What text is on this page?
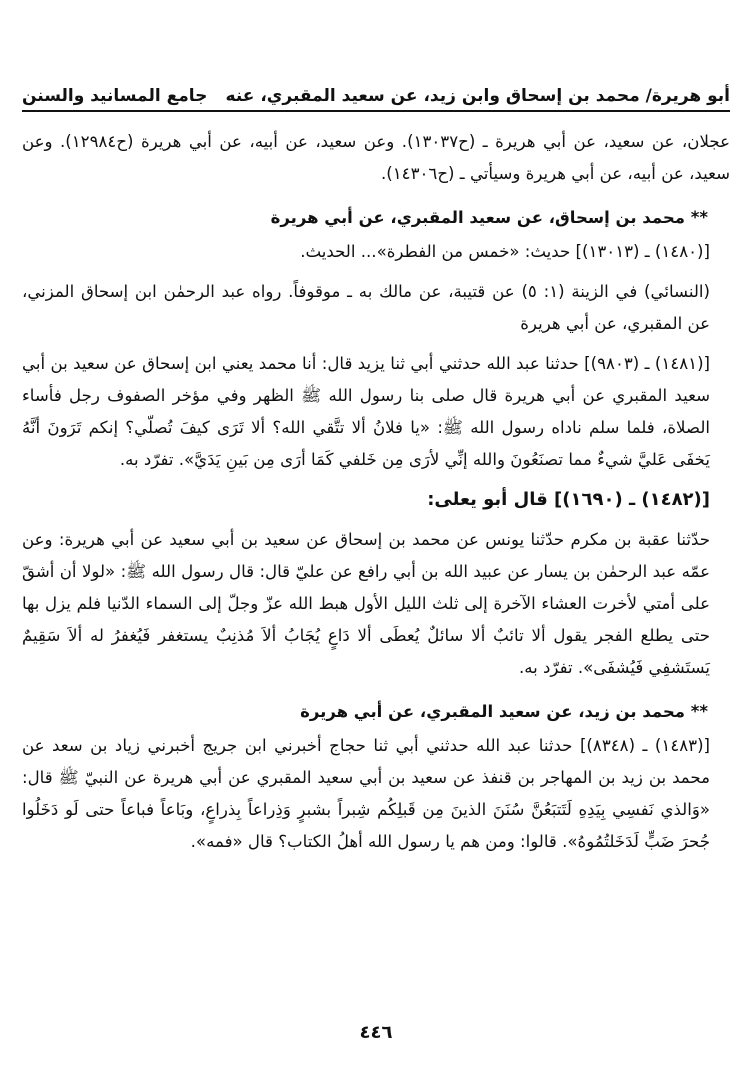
أبو هريرة/ محمد بن إسحاق وابن زيد، عن سعيد المقبري، عنه
جامع المسانيد والسنن

عجلان، عن سعيد، عن أبي هريرة ـ (ح١٣٠٣٧). وعن سعيد، عن أبيه، عن أبي هريرة (ح١٢٩٨٤). وعن سعيد، عن أبيه، عن أبي هريرة وسيأتي ـ (ح١٤٣٠٦).

** محمد بن إسحاق، عن سعيد المقبري، عن أبي هريرة

[(١٤٨٠) ـ (١٣٠١٣)] حديث: «خمس من الفطرة»... الحديث.

(النسائي) في الزينة (١: ٥) عن قتيبة، عن مالك به ـ موقوفاً. رواه عبد الرحمٰن ابن إسحاق المزني، عن المقبري، عن أبي هريرة

[(١٤٨١) ـ (٩٨٠٣)] حدثنا عبد الله حدثني أبي ثنا يزيد قال: أنا محمد يعني ابن إسحاق عن سعيد بن أبي سعيد المقبري عن أبي هريرة قال صلى بنا رسول الله ﷺ الظهر وفي مؤخر الصفوف رجل فأساء الصلاة، فلما سلم ناداه رسول الله ﷺ: «يا فلانُ ألا تتَّقي الله؟ ألا تَرَى كيفَ تُصلّي؟ إنكم تَرَونَ أنَّهُ يَخفَى عَليَّ شيءٌ مما تصنَعُونَ والله إنِّي لأرَى مِن خَلفي كَمَا أرَى مِن بَينِ يَدَيَّ». تفرّد به.

[(١٤٨٢) ـ (١٦٩٠)] قال أبو يعلى:

حدّثنا عقبة بن مكرم حدّثنا يونس عن محمد بن إسحاق عن سعيد بن أبي سعيد عن أبي هريرة: وعن عمّه عبد الرحمٰن بن يسار عن عبيد الله بن أبي رافع عن عليّ قال: قال رسول الله ﷺ: «لولا أن أشقّ على أمتي لأخرت العشاء الآخرة إلى ثلث الليل الأول هبط الله عزّ وجلّ إلى السماء الدّنيا فلم يزل بها حتى يطلع الفجر يقول ألا تائبٌ ألا سائلٌ يُعطَى ألا دَاعٍ يُجَابُ ألاَ مُذنِبٌ يستغفر فَيُغفرُ له ألاَ سَقِيمٌ يَستَشفِي فَيُشفَى». تفرّد به.

** محمد بن زيد، عن سعيد المقبري، عن أبي هريرة

[(١٤٨٣) ـ (٨٣٤٨)] حدثنا عبد الله حدثني أبي ثنا حجاج أخبرني ابن جريج أخبرني زياد بن سعد عن محمد بن زيد بن المهاجر بن قنفذ عن سعيد بن أبي سعيد المقبري عن أبي هريرة عن النبيّ ﷺ قال: «وَالذي نَفسِي بِيَدِهِ لَتَتبَعُنَّ سُنَنَ الذينَ مِن قَبلِكُم شِبراً بشبرٍ وَذِراعاً بِذراعٍ، وبَاعاً فباعاً حتى لَو دَخَلُوا جُحرَ ضَبٍّ لَدَخَلتُمُوهُ». قالوا: ومن هم يا رسول الله أهلُ الكتاب؟ قال «فمه».

٤٤٦
